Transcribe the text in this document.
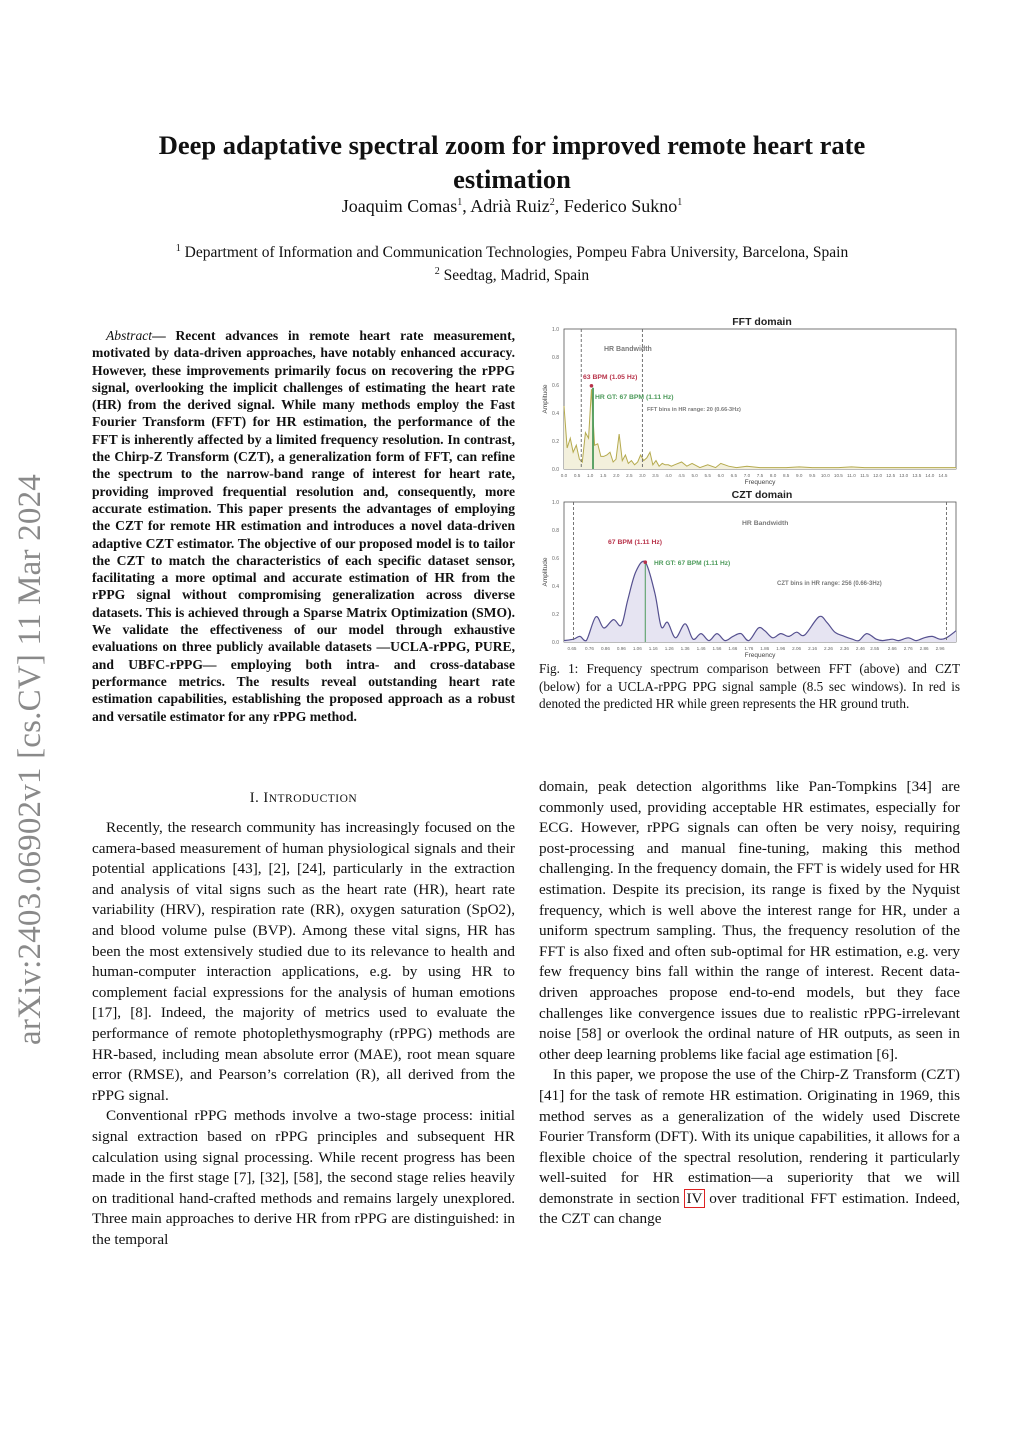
arXiv:2403.06902v1 [cs.CV] 11 Mar 2024
Deep adaptative spectral zoom for improved remote heart rate estimation
Joaquim Comas$^1$, Adrià Ruiz$^2$, Federico Sukno$^1$
$^1$ Department of Information and Communication Technologies, Pompeu Fabra University, Barcelona, Spain
$^2$ Seedtag, Madrid, Spain

Abstract— Recent advances in remote heart rate measurement, motivated by data-driven approaches, have notably enhanced accuracy. However, these improvements primarily focus on recovering the rPPG signal, overlooking the implicit challenges of estimating the heart rate (HR) from the derived signal. While many methods employ the Fast Fourier Transform (FFT) for HR estimation, the performance of the FFT is inherently affected by a limited frequency resolution. In contrast, the Chirp-Z Transform (CZT), a generalization form of FFT, can refine the spectrum to the narrow-band range of interest for heart rate, providing improved frequential resolution and, consequently, more accurate estimation. This paper presents the advantages of employing the CZT for remote HR estimation and introduces a novel data-driven adaptive CZT estimator. The objective of our proposed model is to tailor the CZT to match the characteristics of each specific dataset sensor, facilitating a more optimal and accurate estimation of HR from the rPPG signal without compromising generalization across diverse datasets. This is achieved through a Sparse Matrix Optimization (SMO). We validate the effectiveness of our model through exhaustive evaluations on three publicly available datasets —UCLA-rPPG, PURE, and UBFC-rPPG— employing both intra- and cross-database performance metrics. The results reveal outstanding heart rate estimation capabilities, establishing the proposed approach as a robust and versatile estimator for any rPPG method.

I. INTRODUCTION

Recently, the research community has increasingly focused on the camera-based measurement of human physiological signals and their potential applications [43], [2], [24], particularly in the extraction and analysis of vital signs such as the heart rate (HR), heart rate variability (HRV), respiration rate (RR), oxygen saturation (SpO2), and blood volume pulse (BVP). Among these vital signs, HR has been the most extensively studied due to its relevance to health and human-computer interaction applications, e.g. by using HR to complement facial expressions for the analysis of human emotions [17], [8]. Indeed, the majority of metrics used to evaluate the performance of remote photoplethysmography (rPPG) methods are HR-based, including mean absolute error (MAE), root mean square error (RMSE), and Pearson’s correlation (R), all derived from the rPPG signal.

Conventional rPPG methods involve a two-stage process: initial signal extraction based on rPPG principles and subsequent HR calculation using signal processing. While recent progress has been made in the first stage [7], [32], [58], the second stage relies heavily on traditional hand-crafted methods and remains largely unexplored. Three main approaches to derive HR from rPPG are distinguished: in the temporal

FFT domain
0.0
0.2
0.4
0.6
0.8
1.0
Amplitude
0.0 0.5 1.0 1.5 2.0 2.5 3.0 3.5 4.0 4.5 5.0 5.5 6.0 6.5 7.0 7.5 8.0 8.5 9.0 9.5 10.0 10.5 11.0 11.5 12.0 12.5 13.0 13.5 14.0 14.5
Frequency
HR Bandwidth
63 BPM (1.05 Hz)
HR GT: 67 BPM (1.11 Hz)
FFT bins in HR range: 20 (0.66-3Hz)
CZT domain
0.0
0.2
0.4
0.6
0.8
1.0
Amplitude
0.65 0.76 0.86 0.96 1.06 1.16 1.26 1.36 1.46 1.56 1.66 1.76 1.86 1.96 2.06 2.16 2.26 2.36 2.46 2.55 2.66 2.76 2.86 2.96
Frequency
HR Bandwidth
67 BPM (1.11 Hz)
HR GT: 67 BPM (1.11 Hz)
CZT bins in HR range: 256 (0.66-3Hz)
Fig. 1: Frequency spectrum comparison between FFT (above) and CZT (below) for a UCLA-rPPG PPG signal sample (8.5 sec windows). In red is denoted the predicted HR while green represents the HR ground truth.

domain, peak detection algorithms like Pan-Tompkins [34] are commonly used, providing acceptable HR estimates, especially for ECG. However, rPPG signals can often be very noisy, requiring post-processing and manual fine-tuning, making this method challenging. In the frequency domain, the FFT is widely used for HR estimation. Despite its precision, its range is fixed by the Nyquist frequency, which is well above the interest range for HR, under a uniform spectrum sampling. Thus, the frequency resolution of the FFT is also fixed and often sub-optimal for HR estimation, e.g. very few frequency bins fall within the range of interest. Recent data-driven approaches propose end-to-end models, but they face challenges like convergence issues due to realistic rPPG-irrelevant noise [58] or overlook the ordinal nature of HR outputs, as seen in other deep learning problems like facial age estimation [6].

In this paper, we propose the use of the Chirp-Z Transform (CZT) [41] for the task of remote HR estimation. Originating in 1969, this method serves as a generalization of the widely used Discrete Fourier Transform (DFT). With its unique capabilities, it allows for a flexible choice of the spectral resolution, rendering it particularly well-suited for HR estimation—a superiority that we will demonstrate in section IV over traditional FFT estimation. Indeed, the CZT can change
